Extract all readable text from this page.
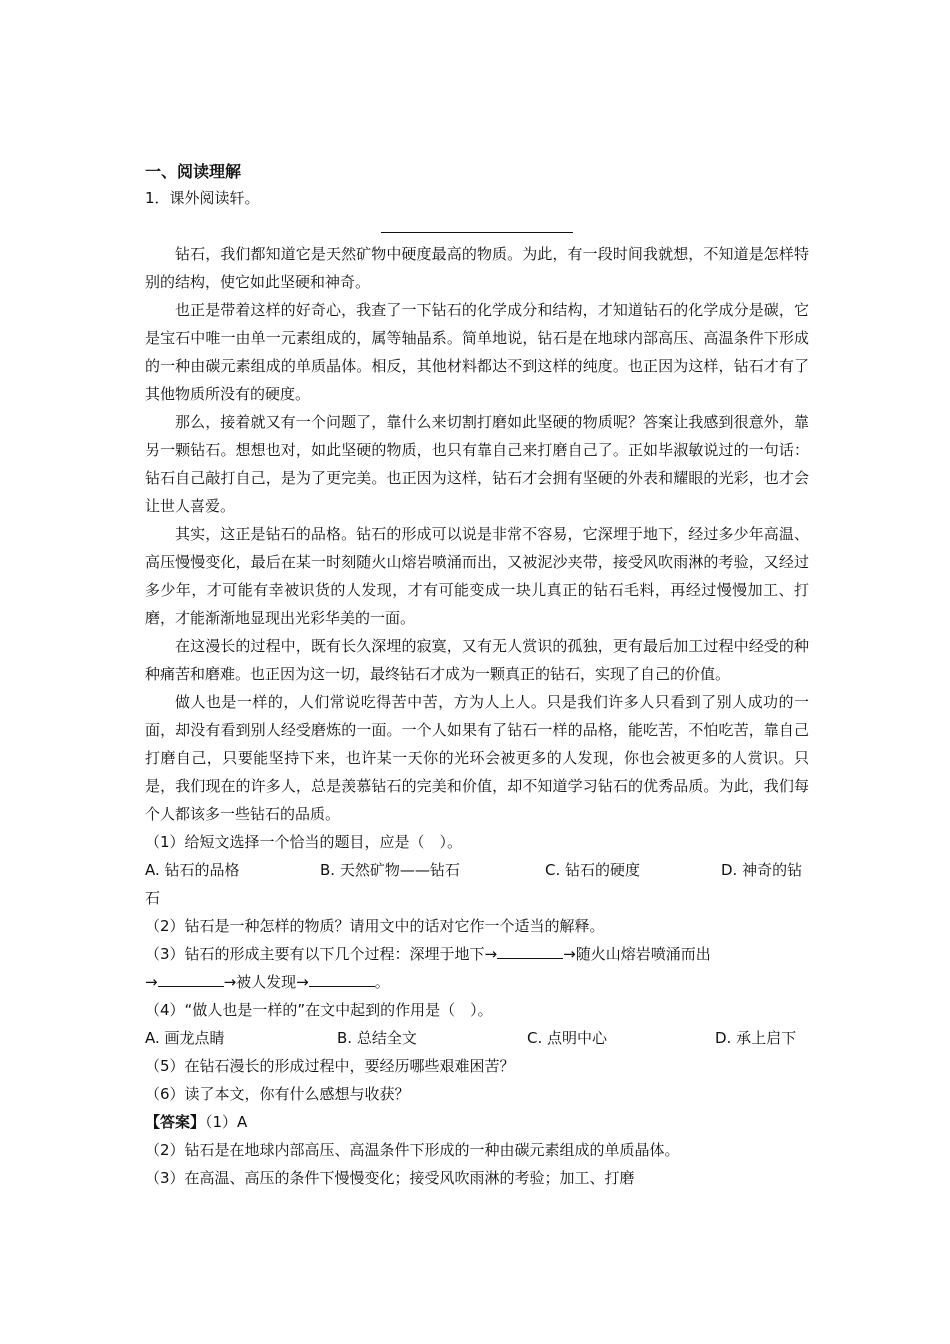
一、阅读理解
1．课外阅读轩。
钻石，我们都知道它是天然矿物中硬度最高的物质。为此，有一段时间我就想，不知道是怎样特别的结构，使它如此坚硬和神奇。
也正是带着这样的好奇心，我查了一下钻石的化学成分和结构，才知道钻石的化学成分是碳，它是宝石中唯一由单一元素组成的，属等轴晶系。简单地说，钻石是在地球内部高压、高温条件下形成的一种由碳元素组成的单质晶体。相反，其他材料都达不到这样的纯度。也正因为这样，钻石才有了其他物质所没有的硬度。
那么，接着就又有一个问题了，靠什么来切割打磨如此坚硬的物质呢？答案让我感到很意外，靠另一颗钻石。想想也对，如此坚硬的物质，也只有靠自己来打磨自己了。正如毕淑敏说过的一句话：钻石自己敲打自己，是为了更完美。也正因为这样，钻石才会拥有坚硬的外表和耀眼的光彩，也才会让世人喜爱。
其实，这正是钻石的品格。钻石的形成可以说是非常不容易，它深埋于地下，经过多少年高温、高压慢慢变化，最后在某一时刻随火山熔岩喷涌而出，又被泥沙夹带，接受风吹雨淋的考验，又经过多少年，才可能有幸被识货的人发现，才有可能变成一块儿真正的钻石毛料，再经过慢慢加工、打磨，才能渐渐地显现出光彩华美的一面。
在这漫长的过程中，既有长久深埋的寂寞，又有无人赏识的孤独，更有最后加工过程中经受的种种痛苦和磨难。也正因为这一切，最终钻石才成为一颗真正的钻石，实现了自己的价值。
做人也是一样的，人们常说吃得苦中苦，方为人上人。只是我们许多人只看到了别人成功的一面，却没有看到别人经受磨炼的一面。一个人如果有了钻石一样的品格，能吃苦，不怕吃苦，靠自己打磨自己，只要能坚持下来，也许某一天你的光环会被更多的人发现，你也会被更多的人赏识。只是，我们现在的许多人，总是羡慕钻石的完美和价值，却不知道学习钻石的优秀品质。为此，我们每个人都该多一些钻石的品质。
（1）给短文选择一个恰当的题目，应是（　）。
A. 钻石的品格	B. 天然矿物——钻石	C. 钻石的硬度	D. 神奇的钻
石
（2）钻石是一种怎样的物质？请用文中的话对它作一个适当的解释。
（3）钻石的形成主要有以下几个过程：深埋于地下→	→随火山熔岩喷涌而出
→	→被人发现→	。
（4）“做人也是一样的”在文中起到的作用是（　）。
A. 画龙点睛	B. 总结全文	C. 点明中心	D. 承上启下
（5）在钻石漫长的形成过程中，要经历哪些艰难困苦？
（6）读了本文，你有什么感想与收获？
【答案】（1）A
（2）钻石是在地球内部高压、高温条件下形成的一种由碳元素组成的单质晶体。
（3）在高温、高压的条件下慢慢变化；接受风吹雨淋的考验；加工、打磨
